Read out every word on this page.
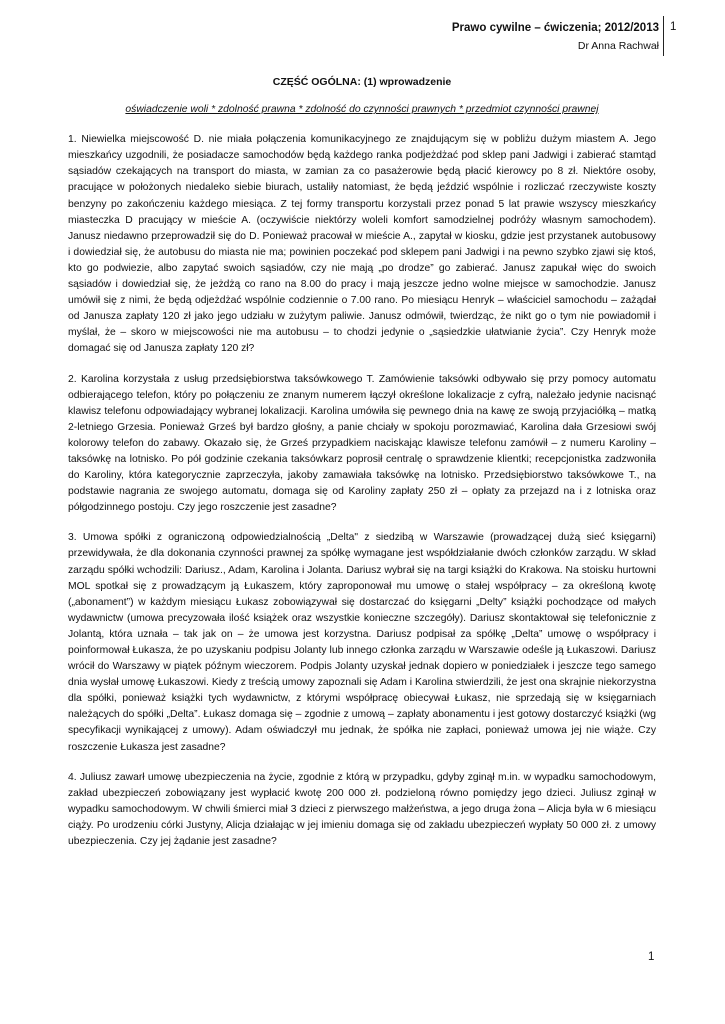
Prawo cywilne – ćwiczenia; 2012/2013
Dr Anna Rachwał
1
CZĘŚĆ OGÓLNA: (1) wprowadzenie
oświadczenie woli * zdolność prawna * zdolność do czynności prawnych * przedmiot czynności prawnej

1. Niewielka miejscowość D. nie miała połączenia komunikacyjnego ze znajdującym się w pobliżu dużym miastem A. Jego mieszkańcy uzgodnili, że posiadacze samochodów będą każdego ranka podjeżdżać pod sklep pani Jadwigi i zabierać stamtąd sąsiadów czekających na transport do miasta, w zamian za co pasażerowie będą płacić kierowcy po 8 zł. Niektóre osoby, pracujące w położonych niedaleko siebie biurach, ustaliły natomiast, że będą jeździć wspólnie i rozliczać rzeczywiste koszty benzyny po zakończeniu każdego miesiąca. Z tej formy transportu korzystali przez ponad 5 lat prawie wszyscy mieszkańcy miasteczka D pracujący w mieście A. (oczywiście niektórzy woleli komfort samodzielnej podróży własnym samochodem). Janusz niedawno przeprowadził się do D. Ponieważ pracował w mieście A., zapytał w kiosku, gdzie jest przystanek autobusowy i dowiedział się, że autobusu do miasta nie ma; powinien poczekać pod sklepem pani Jadwigi i na pewno szybko zjawi się ktoś, kto go podwiezie, albo zapytać swoich sąsiadów, czy nie mają „po drodze” go zabierać. Janusz zapukał więc do swoich sąsiadów i dowiedział się, że jeżdżą co rano na 8.00 do pracy i mają jeszcze jedno wolne miejsce w samochodzie. Janusz umówił się z nimi, że będą odjeżdżać wspólnie codziennie o 7.00 rano. Po miesiącu Henryk – właściciel samochodu – zażądał od Janusza zapłaty 120 zł jako jego udziału w zużytym paliwie. Janusz odmówił, twierdząc, że nikt go o tym nie powiadomił i myślał, że – skoro w miejscowości nie ma autobusu – to chodzi jedynie o „sąsiedzkie ułatwianie życia”. Czy Henryk może domagać się od Janusza zapłaty 120 zł?

2. Karolina korzystała z usług przedsiębiorstwa taksówkowego T. Zamówienie taksówki odbywało się przy pomocy automatu odbierającego telefon, który po połączeniu ze znanym numerem łączył określone lokalizacje z cyfrą, należało jedynie nacisnąć klawisz telefonu odpowiadający wybranej lokalizacji. Karolina umówiła się pewnego dnia na kawę ze swoją przyjaciółką – matką 2-letniego Grzesia. Ponieważ Grześ był bardzo głośny, a panie chciały w spokoju porozmawiać, Karolina dała Grzesiowi swój kolorowy telefon do zabawy. Okazało się, że Grześ przypadkiem naciskając klawisze telefonu zamówił – z numeru Karoliny – taksówkę na lotnisko. Po pół godzinie czekania taksówkarz poprosił centralę o sprawdzenie klientki; recepcjonistka zadzwoniła do Karoliny, która kategorycznie zaprzeczyła, jakoby zamawiała taksówkę na lotnisko. Przedsiębiorstwo taksówkowe T., na podstawie nagrania ze swojego automatu, domaga się od Karoliny zapłaty 250 zł – opłaty za przejazd na i z lotniska oraz półgodzinnego postoju. Czy jego roszczenie jest zasadne?

3. Umowa spółki z ograniczoną odpowiedzialnością „Delta" z siedzibą w Warszawie (prowadzącej dużą sieć księgarni) przewidywała, że dla dokonania czynności prawnej za spółkę wymagane jest współdziałanie dwóch członków zarządu. W skład zarządu spółki wchodzili: Dariusz., Adam, Karolina i Jolanta. Dariusz wybrał się na targi książki do Krakowa. Na stoisku hurtowni MOL spotkał się z prowadzącym ją Łukaszem, który zaproponował mu umowę o stałej współpracy – za określoną kwotę („abonament”) w każdym miesiącu Łukasz zobowiązywał się dostarczać do księgarni „Delty” książki pochodzące od małych wydawnictw (umowa precyzowała ilość książek oraz wszystkie konieczne szczegóły). Dariusz skontaktował się telefonicznie z Jolantą, która uznała – tak jak on – że umowa jest korzystna. Dariusz podpisał za spółkę „Delta” umowę o współpracy i poinformował Łukasza, że po uzyskaniu podpisu Jolanty lub innego członka zarządu w Warszawie odeśle ją Łukaszowi. Dariusz wrócił do Warszawy w piątek późnym wieczorem. Podpis Jolanty uzyskał jednak dopiero w poniedziałek i jeszcze tego samego dnia wysłał umowę Łukaszowi. Kiedy z treścią umowy zapoznali się Adam i Karolina stwierdzili, że jest ona skrajnie niekorzystna dla spółki, ponieważ książki tych wydawnictw, z którymi współpracę obiecywał Łukasz, nie sprzedają się w księgarniach należących do spółki „Delta”. Łukasz domaga się – zgodnie z umową – zapłaty abonamentu i jest gotowy dostarczyć książki (wg specyfikacji wynikającej z umowy). Adam oświadczył mu jednak, że spółka nie zapłaci, ponieważ umowa jej nie wiąże. Czy roszczenie Łukasza jest zasadne?

4. Juliusz zawarł umowę ubezpieczenia na życie, zgodnie z którą w przypadku, gdyby zginął m.in. w wypadku samochodowym, zakład ubezpieczeń zobowiązany jest wypłacić kwotę 200 000 zł. podzieloną równo pomiędzy jego dzieci. Juliusz zginął w wypadku samochodowym. W chwili śmierci miał 3 dzieci z pierwszego małżeństwa, a jego druga żona – Alicja była w 6 miesiącu ciąży. Po urodzeniu córki Justyny, Alicja działając w jej imieniu domaga się od zakładu ubezpieczeń wypłaty 50 000 zł. z umowy ubezpieczenia. Czy jej żądanie jest zasadne?

1
